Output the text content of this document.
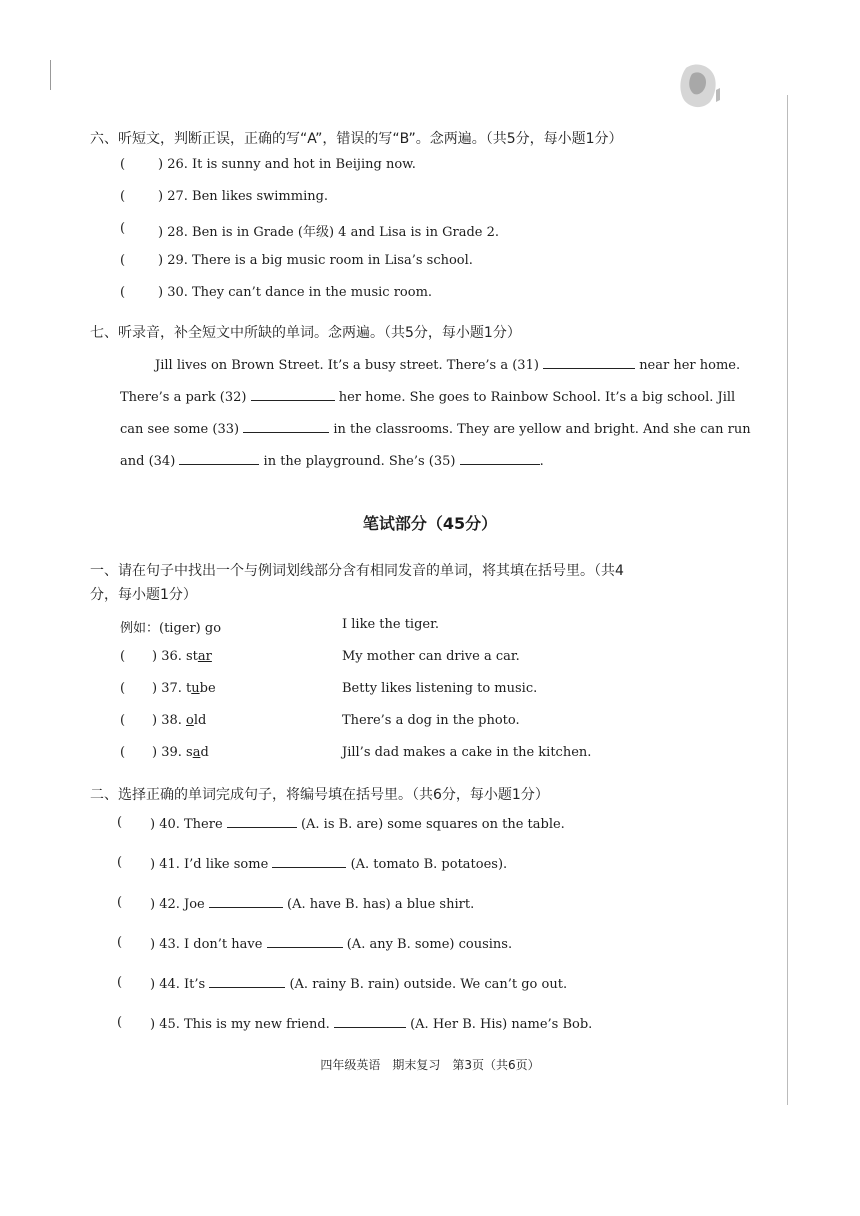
六、听短文，判断正误，正确的写“A”，错误的写“B”。念两遍。（共5分，每小题1分）
(	) 26. It is sunny and hot in Beijing now.
(	) 27. Ben likes swimming.
(	) 28. Ben is in Grade (年级) 4 and Lisa is in Grade 2.
(	) 29. There is a big music room in Lisa’s school.
(	) 30. They can’t dance in the music room.
七、听录音，补全短文中所缺的单词。念两遍。（共5分，每小题1分）
Jill lives on Brown Street. It’s a busy street. There’s a (31)	near her home.
There’s a park (32)	her home. She goes to Rainbow School. It’s a big school. Jill
can see some (33)	in the classrooms. They are yellow and bright. And she can run
and (34)	in the playground. She’s (35)	.
笔试部分（45分）
一、请在句子中找出一个与例词划线部分含有相同发音的单词，将其填在括号里。（共4
分，每小题1分）
例如：(tiger) go	I like the tiger.
( ) 36. star	My mother can drive a car.
( ) 37. tube	Betty likes listening to music.
( ) 38. old	There’s a dog in the photo.
( ) 39. sad	Jill’s dad makes a cake in the kitchen.
二、选择正确的单词完成句子，将编号填在括号里。（共6分，每小题1分）
( ) 40. There	(A. is B. are) some squares on the table.
( ) 41. I’d like some	(A. tomato B. potatoes).
( ) 42. Joe	(A. have B. has) a blue shirt.
( ) 43. I don’t have	(A. any B. some) cousins.
( ) 44. It’s	(A. rainy B. rain) outside. We can’t go out.
( ) 45. This is my new friend.	(A. Her B. His) name’s Bob.
四年级英语　期末复习　第3页（共6页）
